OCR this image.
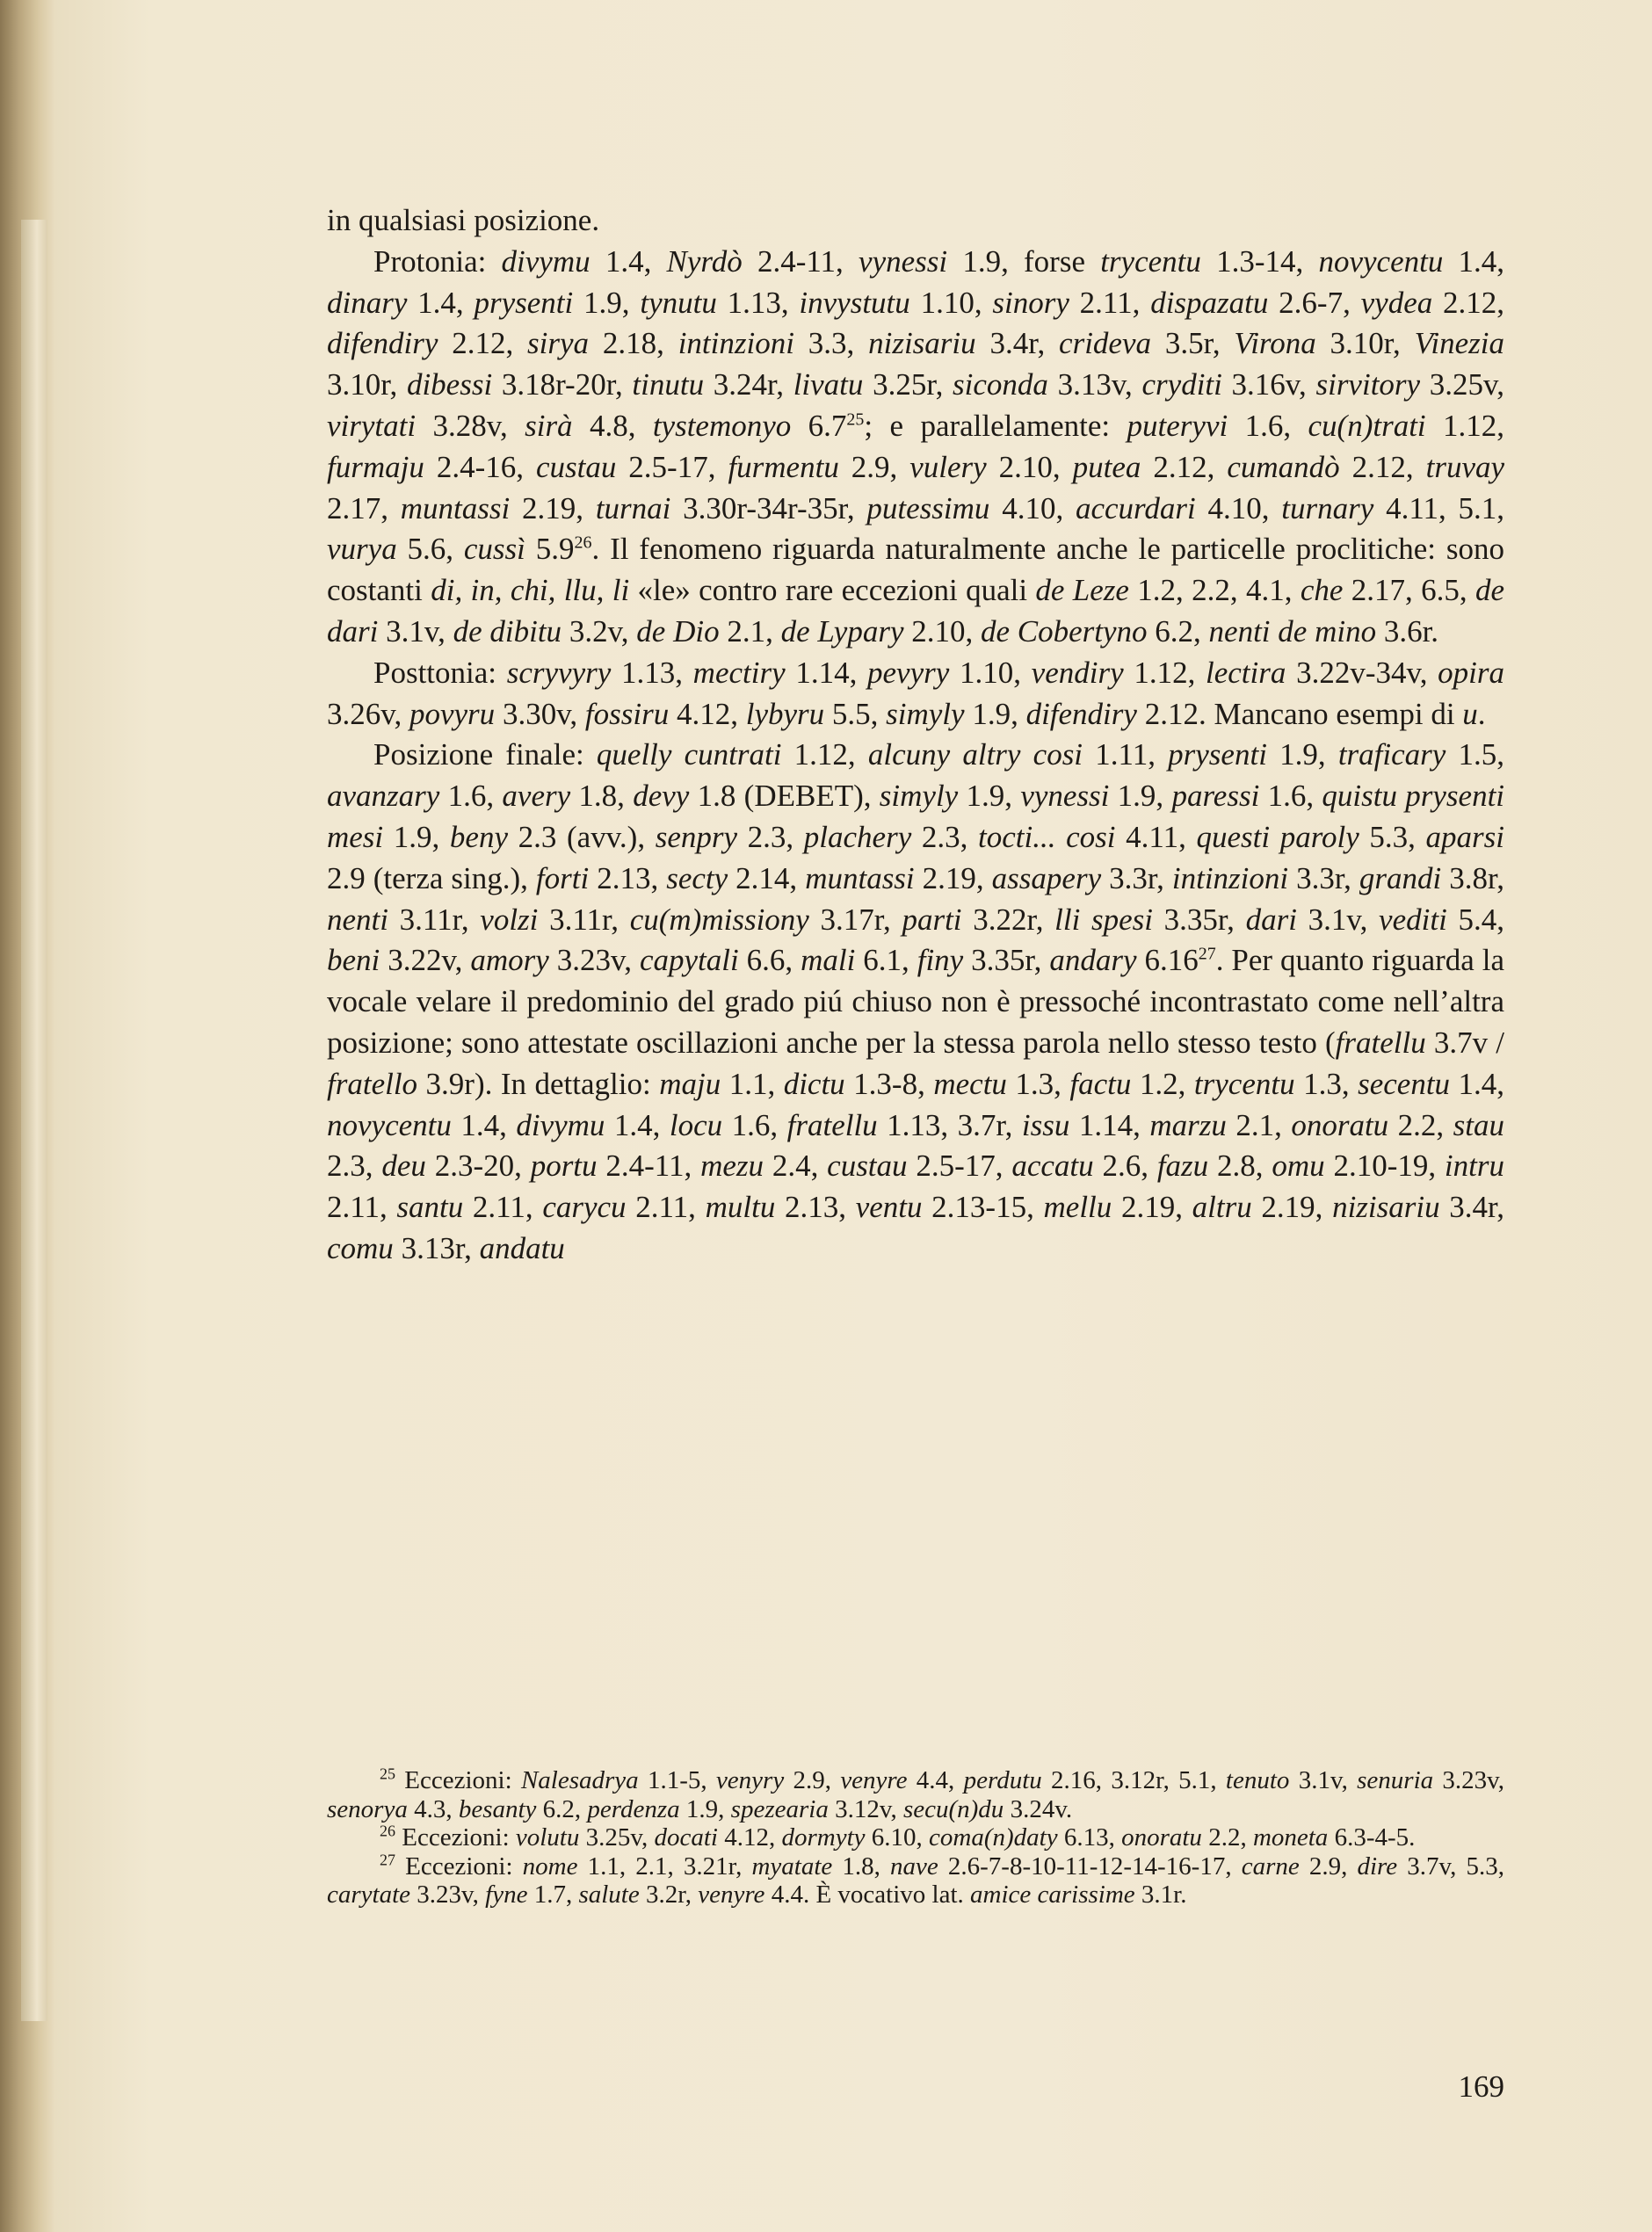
in qualsiasi posizione.

Protonia: divymu 1.4, Nyrdò 2.4-11, vynessi 1.9, forse trycentu 1.3-14, novycentu 1.4, dinary 1.4, prysenti 1.9, tynutu 1.13, invystutu 1.10, sinory 2.11, dispazatu 2.6-7, vydea 2.12, difendiry 2.12, sirya 2.18, intinzioni 3.3, nizisariu 3.4r, crideva 3.5r, Virona 3.10r, Vinezia 3.10r, dibessi 3.18r-20r, tinutu 3.24r, livatu 3.25r, siconda 3.13v, cryditi 3.16v, sirvitory 3.25v, virytati 3.28v, sirà 4.8, tystemonyo $6.7^{25}$; e parallelamente: puteryvi 1.6, cu(n)trati 1.12, furmaju 2.4-16, custau 2.5-17, furmentu 2.9, vulery 2.10, putea 2.12, cumandò 2.12, truvay 2.17, muntassi 2.19, turnai 3.30r-34r-35r, putessimu 4.10, accurdari 4.10, turnary 4.11, 5.1, vurya 5.6, cussì $5.9^{26}$. Il fenomeno riguarda naturalmente anche le particelle proclitiche: sono costanti di, in, chi, llu, li «le» contro rare eccezioni quali de Leze 1.2, 2.2, 4.1, che 2.17, 6.5, de dari 3.1v, de dibitu 3.2v, de Dio 2.1, de Lypary 2.10, de Cobertyno 6.2, nenti de mino 3.6r.

Posttonia: scryvyry 1.13, mectiry 1.14, pevyry 1.10, vendiry 1.12, lectira 3.22v-34v, opira 3.26v, povyru 3.30v, fossiru 4.12, lybyru 5.5, simyly 1.9, difendiry 2.12. Mancano esempi di u.

Posizione finale: quelly cuntrati 1.12, alcuny altry cosi 1.11, prysenti 1.9, traficary 1.5, avanzary 1.6, avery 1.8, devy 1.8 (DEBET), simyly 1.9, vynessi 1.9, paressi 1.6, quistu prysenti mesi 1.9, beny 2.3 (avv.), senpry 2.3, plachery 2.3, tocti... cosi 4.11, questi paroly 5.3, aparsi 2.9 (terza sing.), forti 2.13, secty 2.14, muntassi 2.19, assapery 3.3r, intinzioni 3.3r, grandi 3.8r, nenti 3.11r, volzi 3.11r, cu(m)missiony 3.17r, parti 3.22r, lli spesi 3.35r, dari 3.1v, vediti 5.4, beni 3.22v, amory 3.23v, capytali 6.6, mali 6.1, finy 3.35r, andary 6.16$^{27}$. Per quanto riguarda la vocale velare il predominio del grado piú chiuso non è pressoché incontrastato come nell’altra posizione; sono attestate oscillazioni anche per la stessa parola nello stesso testo (fratellu 3.7v / fratello 3.9r). In dettaglio: maju 1.1, dictu 1.3-8, mectu 1.3, factu 1.2, trycentu 1.3, secentu 1.4, novycentu 1.4, divymu 1.4, locu 1.6, fratellu 1.13, 3.7r, issu 1.14, marzu 2.1, onoratu 2.2, stau 2.3, deu 2.3-20, portu 2.4-11, mezu 2.4, custau 2.5-17, accatu 2.6, fazu 2.8, omu 2.10-19, intru 2.11, santu 2.11, carycu 2.11, multu 2.13, ventu 2.13-15, mellu 2.19, altru 2.19, nizisariu 3.4r, comu 3.13r, andatu

$^{25}$ Eccezioni: Nalesadrya 1.1-5, venyry 2.9, venyre 4.4, perdutu 2.16, 3.12r, 5.1, tenuto 3.1v, senuria 3.23v, senorya 4.3, besanty 6.2, perdenza 1.9, spezearia 3.12v, secu(n)du 3.24v.

$^{26}$ Eccezioni: volutu 3.25v, docati 4.12, dormyty 6.10, coma(n)daty 6.13, onoratu 2.2, moneta 6.3-4-5.

$^{27}$ Eccezioni: nome 1.1, 2.1, 3.21r, myatate 1.8, nave 2.6-7-8-10-11-12-14-16-17, carne 2.9, dire 3.7v, 5.3, carytate 3.23v, fyne 1.7, salute 3.2r, venyre 4.4. È vocativo lat. amice carissime 3.1r.

169
